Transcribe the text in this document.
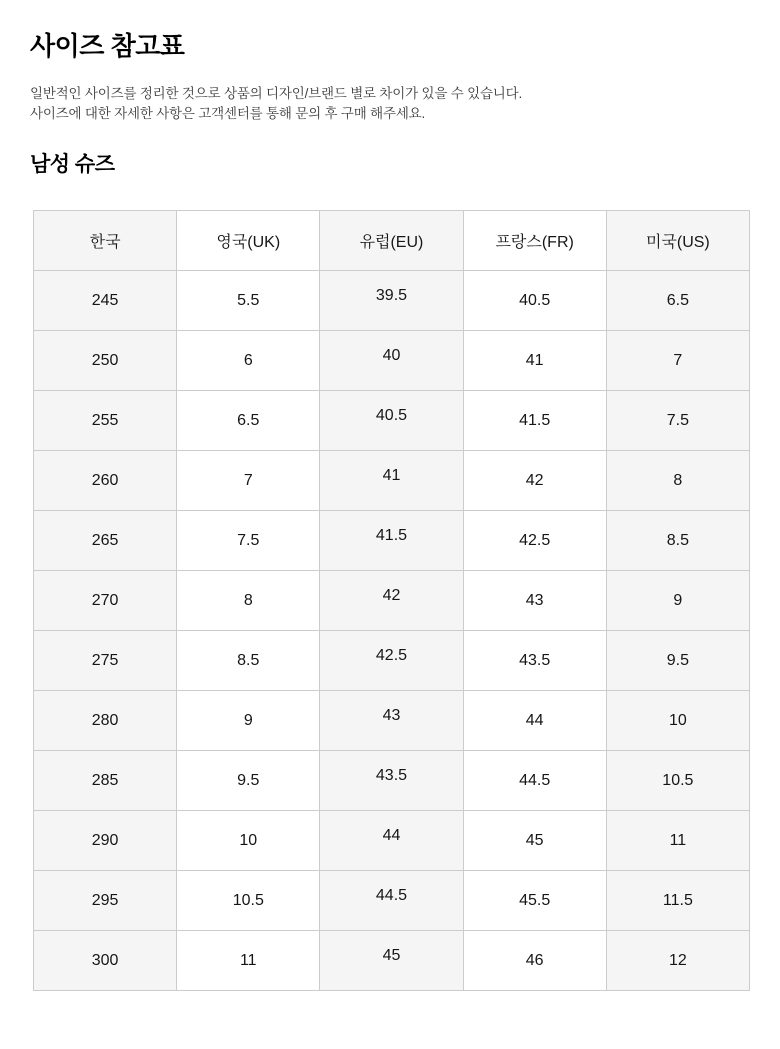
사이즈 참고표

일반적인 사이즈를 정리한 것으로 상품의 디자인/브랜드 별로 차이가 있을 수 있습니다.
사이즈에 대한 자세한 사항은 고객센터를 통해 문의 후 구매 해주세요.

남성 슈즈
한국	영국(UK)	유럽(EU)	프랑스(FR)	미국(US)
245	5.5	39.5	40.5	6.5
250	6	40	41	7
255	6.5	40.5	41.5	7.5
260	7	41	42	8
265	7.5	41.5	42.5	8.5
270	8	42	43	9
275	8.5	42.5	43.5	9.5
280	9	43	44	10
285	9.5	43.5	44.5	10.5
290	10	44	45	11
295	10.5	44.5	45.5	11.5
300	11	45	46	12
